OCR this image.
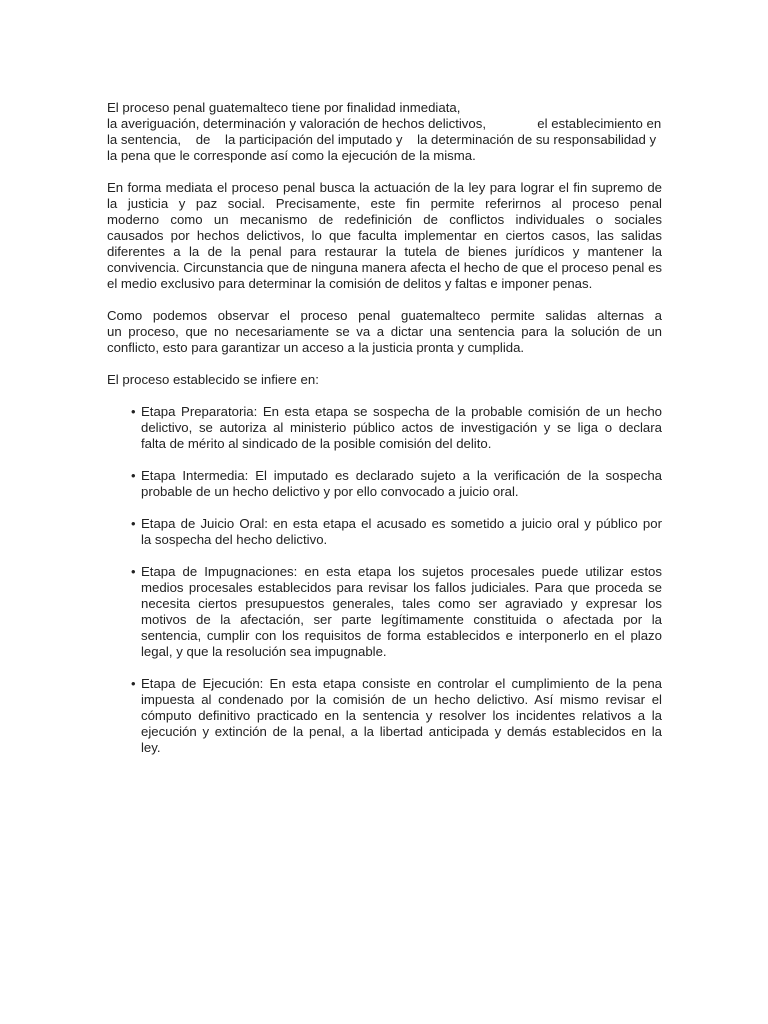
El proceso penal guatemalteco tiene por finalidad inmediata,
la averiguación, determinación y valoración de hechos delictivos,              el establecimiento en
la sentencia,    de    la participación del imputado y    la determinación de su responsabilidad y
la pena que le corresponde así como la ejecución de la misma.
En forma mediata el proceso penal busca la actuación de la ley para lograr el fin supremo de
la justicia y paz social. Precisamente, este fin permite referirnos al proceso penal
moderno como un mecanismo de redefinición de conflictos individuales o sociales
causados por hechos delictivos, lo que faculta implementar en ciertos casos, las salidas
diferentes a la de la penal para restaurar la tutela de bienes jurídicos y mantener la
convivencia. Circunstancia que de ninguna manera afecta el hecho de que el proceso penal es
el medio exclusivo para determinar la comisión de delitos y faltas e imponer penas.
Como podemos observar el proceso penal guatemalteco permite salidas alternas a
un proceso, que no necesariamente se va a dictar una sentencia para la solución de un
conflicto, esto para garantizar un acceso a la justicia pronta y cumplida.
El proceso establecido se infiere en:
• Etapa Preparatoria: En esta etapa se sospecha de la probable comisión de un hecho
delictivo, se autoriza al ministerio público actos de investigación y se liga o declara
falta de mérito al sindicado de la posible comisión del delito.
• Etapa Intermedia: El imputado es declarado sujeto a la verificación de la sospecha
probable de un hecho delictivo y por ello convocado a juicio oral.
• Etapa de Juicio Oral: en esta etapa el acusado es sometido a juicio oral y público por
la sospecha del hecho delictivo.
• Etapa de Impugnaciones: en esta etapa los sujetos procesales puede utilizar estos
medios procesales establecidos para revisar los fallos judiciales. Para que proceda se
necesita ciertos presupuestos generales, tales como ser agraviado y expresar los
motivos de la afectación, ser parte legítimamente constituida o afectada por la
sentencia, cumplir con los requisitos de forma establecidos e interponerlo en el plazo
legal, y que la resolución sea impugnable.
• Etapa de Ejecución: En esta etapa consiste en controlar el cumplimiento de la pena
impuesta al condenado por la comisión de un hecho delictivo. Así mismo revisar el
cómputo definitivo practicado en la sentencia y resolver los incidentes relativos a la
ejecución y extinción de la penal, a la libertad anticipada y demás establecidos en la
ley.
